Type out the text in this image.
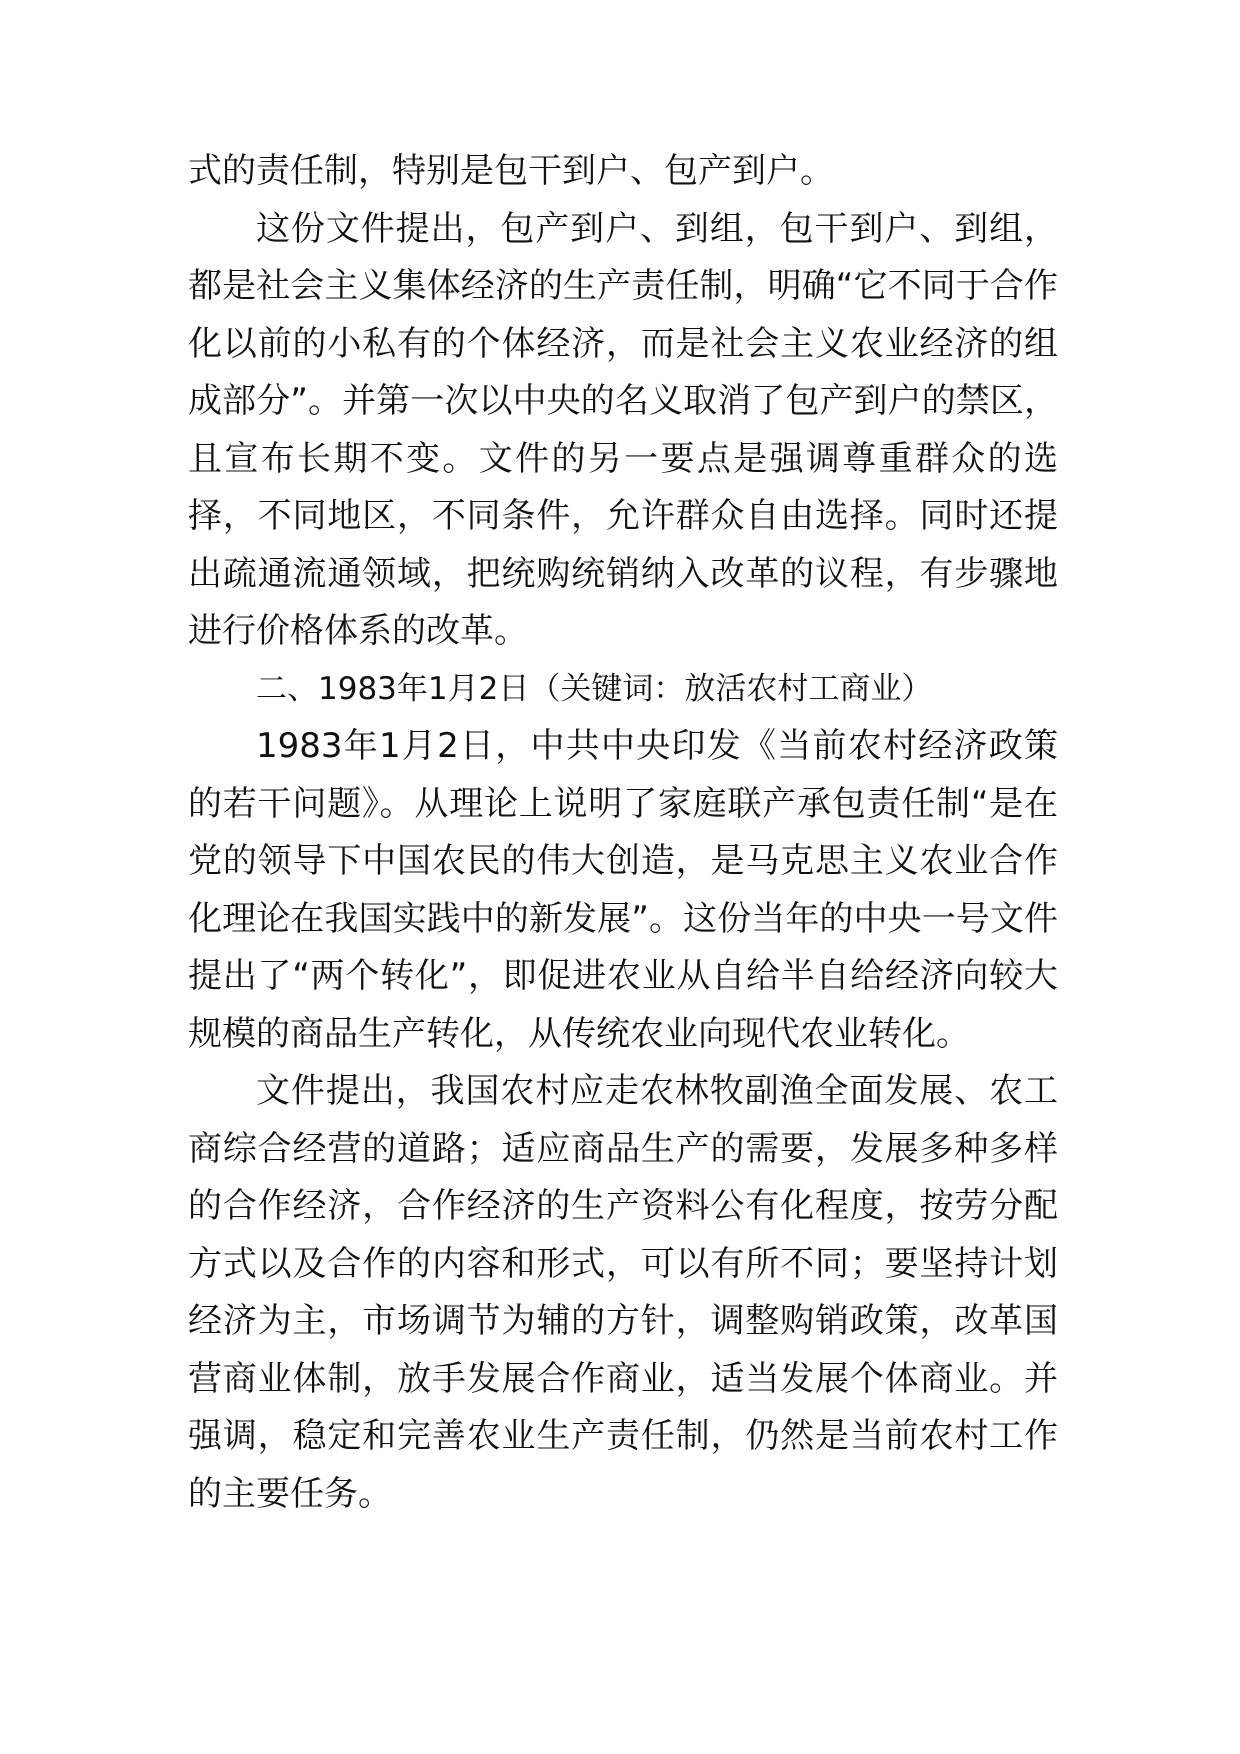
式的责任制，特别是包干到户、包产到户。

这份文件提出，包产到户、到组，包干到户、到组，都是社会主义集体经济的生产责任制，明确“它不同于合作化以前的小私有的个体经济，而是社会主义农业经济的组成部分”。并第一次以中央的名义取消了包产到户的禁区，且宣布长期不变。文件的另一要点是强调尊重群众的选择，不同地区，不同条件，允许群众自由选择。同时还提出疏通流通领域，把统购统销纳入改革的议程，有步骤地进行价格体系的改革。

二、1983年1月2日（关键词：放活农村工商业）

1983年1月2日，中共中央印发《当前农村经济政策的若干问题》。从理论上说明了家庭联产承包责任制“是在党的领导下中国农民的伟大创造，是马克思主义农业合作化理论在我国实践中的新发展”。这份当年的中央一号文件提出了“两个转化”，即促进农业从自给半自给经济向较大规模的商品生产转化，从传统农业向现代农业转化。

文件提出，我国农村应走农林牧副渔全面发展、农工商综合经营的道路；适应商品生产的需要，发展多种多样的合作经济，合作经济的生产资料公有化程度，按劳分配方式以及合作的内容和形式，可以有所不同；要坚持计划经济为主，市场调节为辅的方针，调整购销政策，改革国营商业体制，放手发展合作商业，适当发展个体商业。并强调，稳定和完善农业生产责任制，仍然是当前农村工作的主要任务。
